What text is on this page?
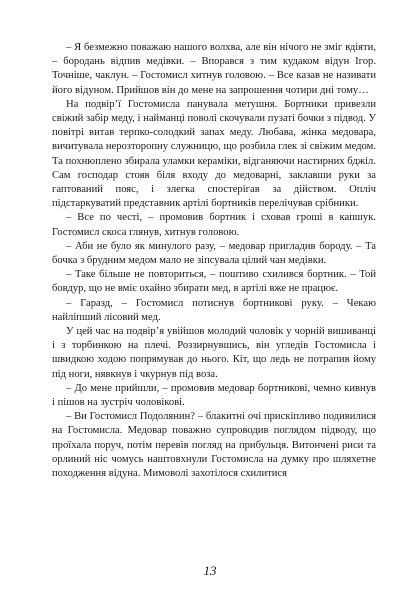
– Я безмежно поважаю нашого волхва, але він нічого не зміг вдіяти, – бородань відпив медівки. – Впорався з тим кудаком відун Ігор. Точніше, чаклун. – Гостомисл хитнув головою. – Все казав не називати його відуном. Прийшов він до мене на запрошення чотири дні тому…

На подвір’ї Гостомисла панувала метушня. Бортники привезли свіжий забір меду, і найманці поволі скочували пузаті бочки з підвод. У повітрі витав терпко-солодкий запах меду. Любава, жінка медовара, вичитувала нерозторопну служницю, що розбила глек зі свіжим медом. Та похнюплено збирала уламки кераміки, відганяючи настирних бджіл. Сам господар стояв біля входу до медоварні, заклавши руки за гаптований пояс, і злегка спостерігав за дійством. Опліч підстаркуватий представник артілі бортників перелічував срібники.

– Все по честі, – промовив бортник і сховав гроші в капшук. Гостомисл скоса глянув, хитнув головою.

– Аби не було як минулого разу, – медовар пригладив бороду. – Та бочка з брудним медом мало не зіпсувала цілий чан медівки.

– Таке більше не повториться, – поштиво схилився бортник. – Той бовдур, що не вміє охайно збирати мед, в артілі вже не працює.

– Гаразд, – Гостомисл потиснув бортникові руку. – Чекаю найліпший лісовий мед.

У цей час на подвір’я увійшов молодий чоловік у чорній вишиванці і з торбинкою на плечі. Роззирнувшись, він угледів Гостомисла і швидкою ходою попрямував до нього. Кіт, що ледь не потрапив йому під ноги, нявкнув і чкурнув під воза.

– До мене прийшли, – промовив медовар бортникові, чемно кивнув і пішов на зустріч чоловікові.

– Ви Гостомисл Подолянин? – блакитні очі прискіпливо подивилися на Гостомисла. Медовар поважно супроводив поглядом підводу, що проїхала поруч, потім перевів погляд на прибульця. Витончені риси та орлиний ніс чомусь наштовхнули Гостомисла на думку про шляхетне походження відуна. Мимоволі захотілося схилитися

13
